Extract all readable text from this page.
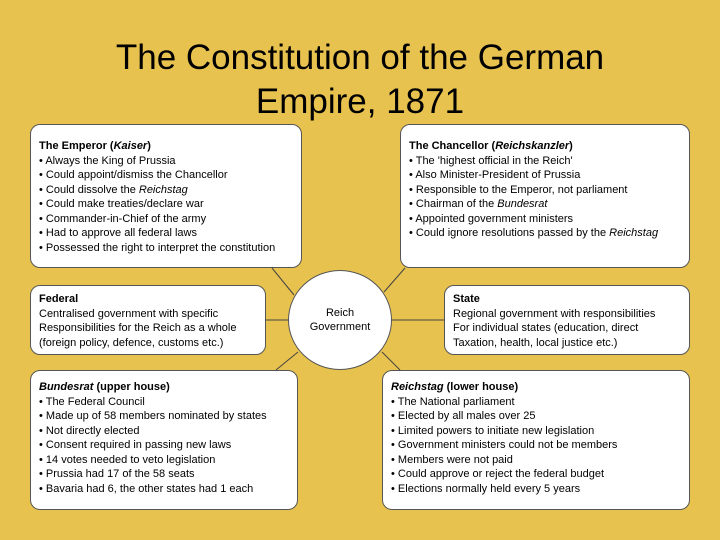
The Constitution of the German
Empire, 1871
The Emperor (Kaiser)
• Always the King of Prussia
• Could appoint/dismiss the Chancellor
• Could dissolve the Reichstag
• Could make treaties/declare war
• Commander-in-Chief of the army
• Had to approve all federal laws
• Possessed the right to interpret the constitution
The Chancellor (Reichskanzler)
• The 'highest official in the Reich'
• Also Minister-President of Prussia
• Responsible to the Emperor, not parliament
• Chairman of the Bundesrat
• Appointed government ministers
• Could ignore resolutions passed by the Reichstag
Federal
Centralised government with specific
Responsibilities for the Reich as a whole
(foreign policy, defence, customs etc.)
Reich
Government
State
Regional government with responsibilities
For individual states (education, direct
Taxation, health, local justice etc.)
Bundesrat (upper house)
• The Federal Council
• Made up of 58 members nominated by states
• Not directly elected
• Consent required in passing new laws
• 14 votes needed to veto legislation
• Prussia had 17 of the 58 seats
• Bavaria had 6, the other states had 1 each
Reichstag (lower house)
• The National parliament
• Elected by all males over 25
• Limited powers to initiate new legislation
• Government ministers could not be members
• Members were not paid
• Could approve or reject the federal budget
• Elections normally held every 5 years
